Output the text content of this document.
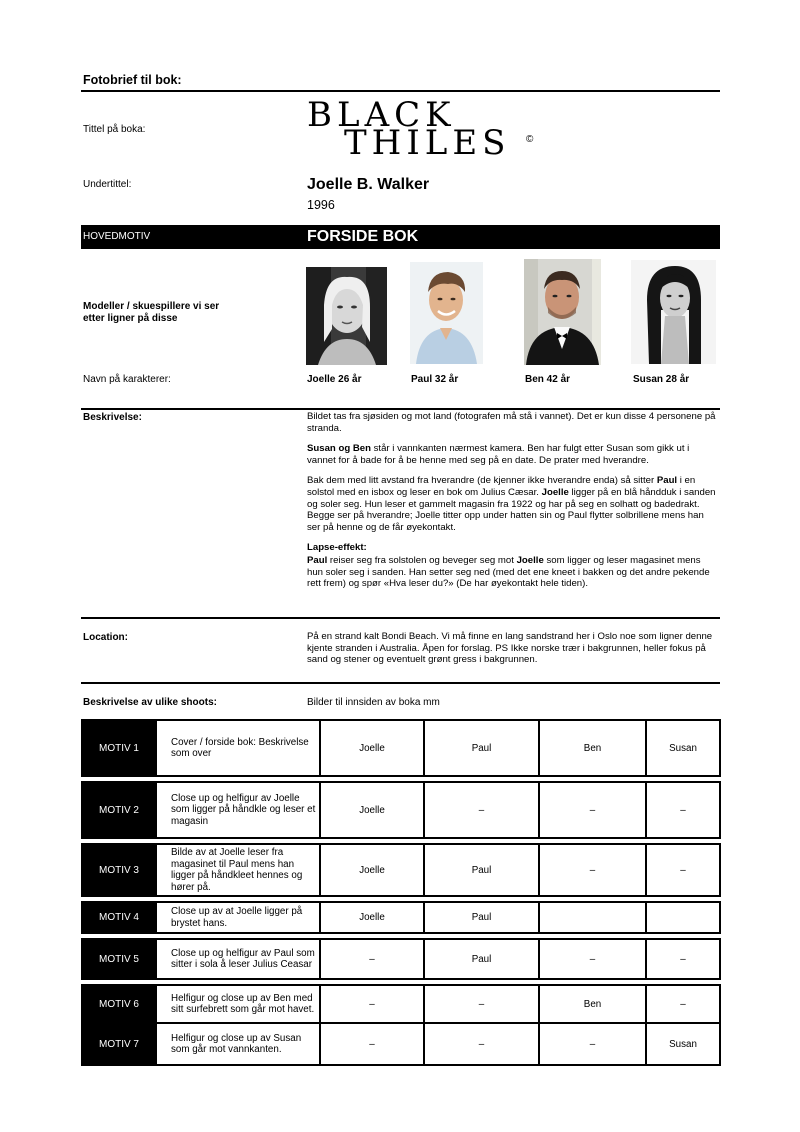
Fotobrief til bok:
Tittel på boka:	BLACK
THILES ©
Undertittel:	Joelle B. Walker
1996
HOVEDMOTIV	FORSIDE BOK
Modeller / skuespillere vi ser etter ligner på disse
Navn på karakterer:	Joelle 26 år	Paul 32 år	Ben 42 år	Susan 28 år
Beskrivelse:	Bildet tas fra sjøsiden og mot land (fotografen må stå i vannet). Det er kun disse 4 personene på stranda.

Susan og Ben står i vannkanten nærmest kamera. Ben har fulgt etter Susan som gikk ut i vannet for å bade for å be henne med seg på en date. De prater med hverandre.

Bak dem med litt avstand fra hverandre (de kjenner ikke hverandre enda) så sitter Paul i en solstol med en isbox og leser en bok om Julius Cæsar. Joelle ligger på en blå håndduk i sanden og soler seg. Hun leser et gammelt magasin fra 1922 og har på seg en solhatt og badedrakt. Begge ser på hverandre; Joelle titter opp under hatten sin og Paul flytter solbrillene mens han ser på henne og de får øyekontakt.

Lapse-effekt:

Paul reiser seg fra solstolen og beveger seg mot Joelle som ligger og leser magasinet mens hun soler seg i sanden. Han setter seg ned (med det ene kneet i bakken og det andre pekende rett frem) og spør «Hva leser du?» (De har øyekontakt hele tiden).

Location:	På en strand kalt Bondi Beach. Vi må finne en lang sandstrand her i Oslo noe som ligner denne kjente stranden i Australia. Åpen for forslag. PS Ikke norske trær i bakgrunnen, heller fokus på sand og stener og eventuelt grønt gress i bakgrunnen.
Beskrivelse av ulike shoots:	Bilder til innsiden av boka mm
MOTIV 1	Cover / forside bok: Beskrivelse som over	Joelle	Paul	Ben	Susan

MOTIV 2	Close up og helfigur av Joelle som ligger på håndkle og leser et magasin	Joelle	–	–	–

MOTIV 3	Bilde av at Joelle leser fra magasinet til Paul mens han ligger på håndkleet hennes og hører på.	Joelle	Paul	–	–

MOTIV 4	Close up av at Joelle ligger på brystet hans.	Joelle	Paul		

MOTIV 5	Close up og helfigur av Paul som sitter i sola å leser Julius Ceasar	–	Paul	–	–

MOTIV 6	Helfigur og close up av Ben med sitt surfebrett som går mot havet.	–	–	Ben	–
MOTIV 7	Helfigur og close up av Susan som går mot vannkanten.	–	–	–	Susan
